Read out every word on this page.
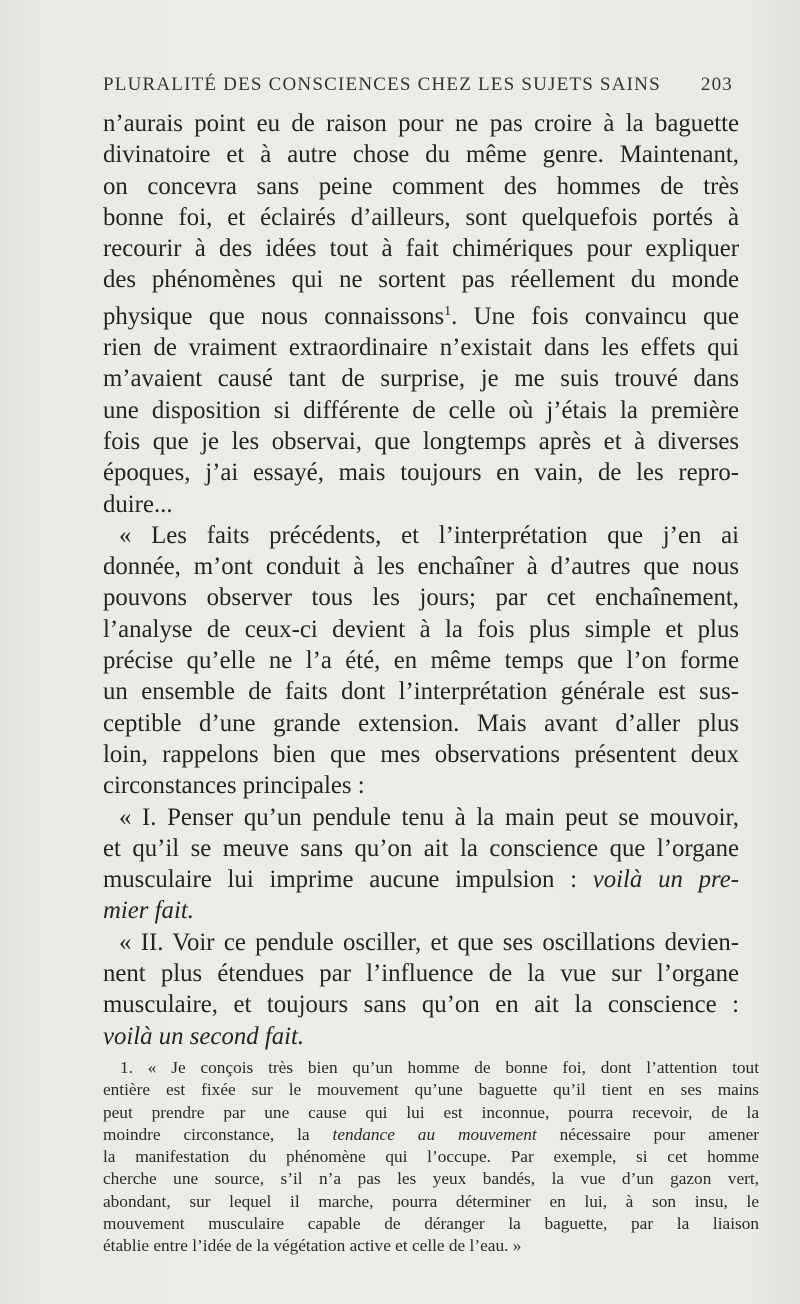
PLURALITÉ DES CONSCIENCES CHEZ LES SUJETS SAINS 203

n’aurais point eu de raison pour ne pas croire à la baguette
divinatoire et à autre chose du même genre. Maintenant,
on concevra sans peine comment des hommes de très
bonne foi, et éclairés d’ailleurs, sont quelquefois portés à
recourir à des idées tout à fait chimériques pour expliquer
des phénomènes qui ne sortent pas réellement du monde
physique que nous connaissons$^1$. Une fois convaincu que
rien de vraiment extraordinaire n’existait dans les effets qui
m’avaient causé tant de surprise, je me suis trouvé dans
une disposition si différente de celle où j’étais la première
fois que je les observai, que longtemps après et à diverses
époques, j’ai essayé, mais toujours en vain, de les repro-
duire...

« Les faits précédents, et l’interprétation que j’en ai
donnée, m’ont conduit à les enchaîner à d’autres que nous
pouvons observer tous les jours; par cet enchaînement,
l’analyse de ceux-ci devient à la fois plus simple et plus
précise qu’elle ne l’a été, en même temps que l’on forme
un ensemble de faits dont l’interprétation générale est sus-
ceptible d’une grande extension. Mais avant d’aller plus
loin, rappelons bien que mes observations présentent deux
circonstances principales :

« I. Penser qu’un pendule tenu à la main peut se mouvoir,
et qu’il se meuve sans qu’on ait la conscience que l’organe
musculaire lui imprime aucune impulsion : voilà un pre-
mier fait.

« II. Voir ce pendule osciller, et que ses oscillations devien-
nent plus étendues par l’influence de la vue sur l’organe
musculaire, et toujours sans qu’on en ait la conscience :
voilà un second fait.

1. « Je conçois très bien qu’un homme de bonne foi, dont l’attention tout
entière est fixée sur le mouvement qu’une baguette qu’il tient en ses mains
peut prendre par une cause qui lui est inconnue, pourra recevoir, de la
moindre circonstance, la tendance au mouvement nécessaire pour amener
la manifestation du phénomène qui l’occupe. Par exemple, si cet homme
cherche une source, s’il n’a pas les yeux bandés, la vue d’un gazon vert,
abondant, sur lequel il marche, pourra déterminer en lui, à son insu, le
mouvement musculaire capable de déranger la baguette, par la liaison
établie entre l’idée de la végétation active et celle de l’eau. »
